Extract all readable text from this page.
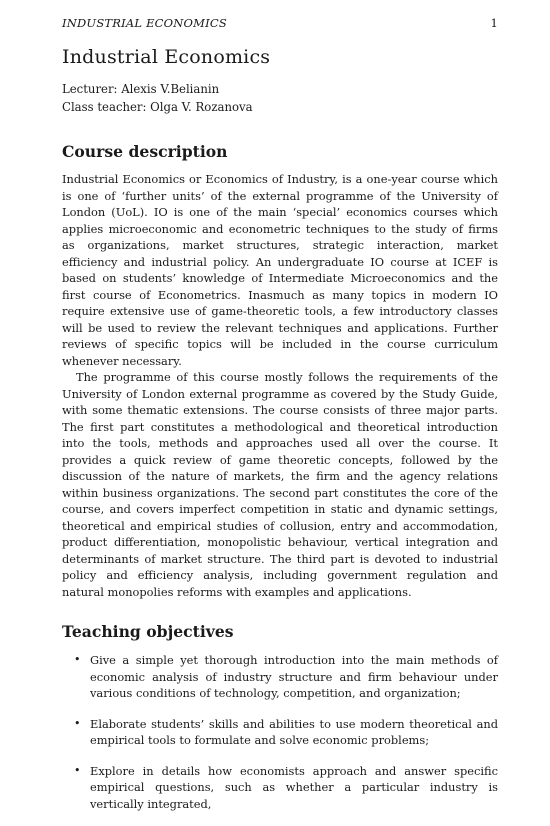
INDUSTRIAL ECONOMICS	1
Industrial Economics

Lecturer: Alexis V.Belianin

Class teacher: Olga V. Rozanova

Course description

Industrial Economics or Economics of Industry, is a one-year course which is one of ‘further units’ of the external programme of the University of London (UoL). IO is one of the main ‘special’ economics courses which applies microeconomic and econometric techniques to the study of firms as organizations, market structures, strategic interaction, market efficiency and industrial policy. An undergraduate IO course at ICEF is based on students’ knowledge of Intermediate Microeconomics and the first course of Econometrics. Inasmuch as many topics in modern IO require extensive use of game-theoretic tools, a few introductory classes will be used to review the relevant techniques and applications. Further reviews of specific topics will be included in the course curriculum whenever necessary.

The programme of this course mostly follows the requirements of the University of London external programme as covered by the Study Guide, with some thematic extensions. The course consists of three major parts. The first part constitutes a methodological and theoretical introduction into the tools, methods and approaches used all over the course. It provides a quick review of game theoretic concepts, followed by the discussion of the nature of markets, the firm and the agency relations within business organizations. The second part constitutes the core of the course, and covers imperfect competition in static and dynamic settings, theoretical and empirical studies of collusion, entry and accommodation, product differentiation, monopolistic behaviour, vertical integration and determinants of market structure. The third part is devoted to industrial policy and efficiency analysis, including government regulation and natural monopolies reforms with examples and applications.

Teaching objectives
• Give a simple yet thorough introduction into the main methods of economic analysis of industry structure and firm behaviour under various conditions of technology, competition, and organization;
• Elaborate students’ skills and abilities to use modern theoretical and empirical tools to formulate and solve economic problems;
• Explore in details how economists approach and answer specific empirical questions, such as whether a particular industry is vertically integrated,
